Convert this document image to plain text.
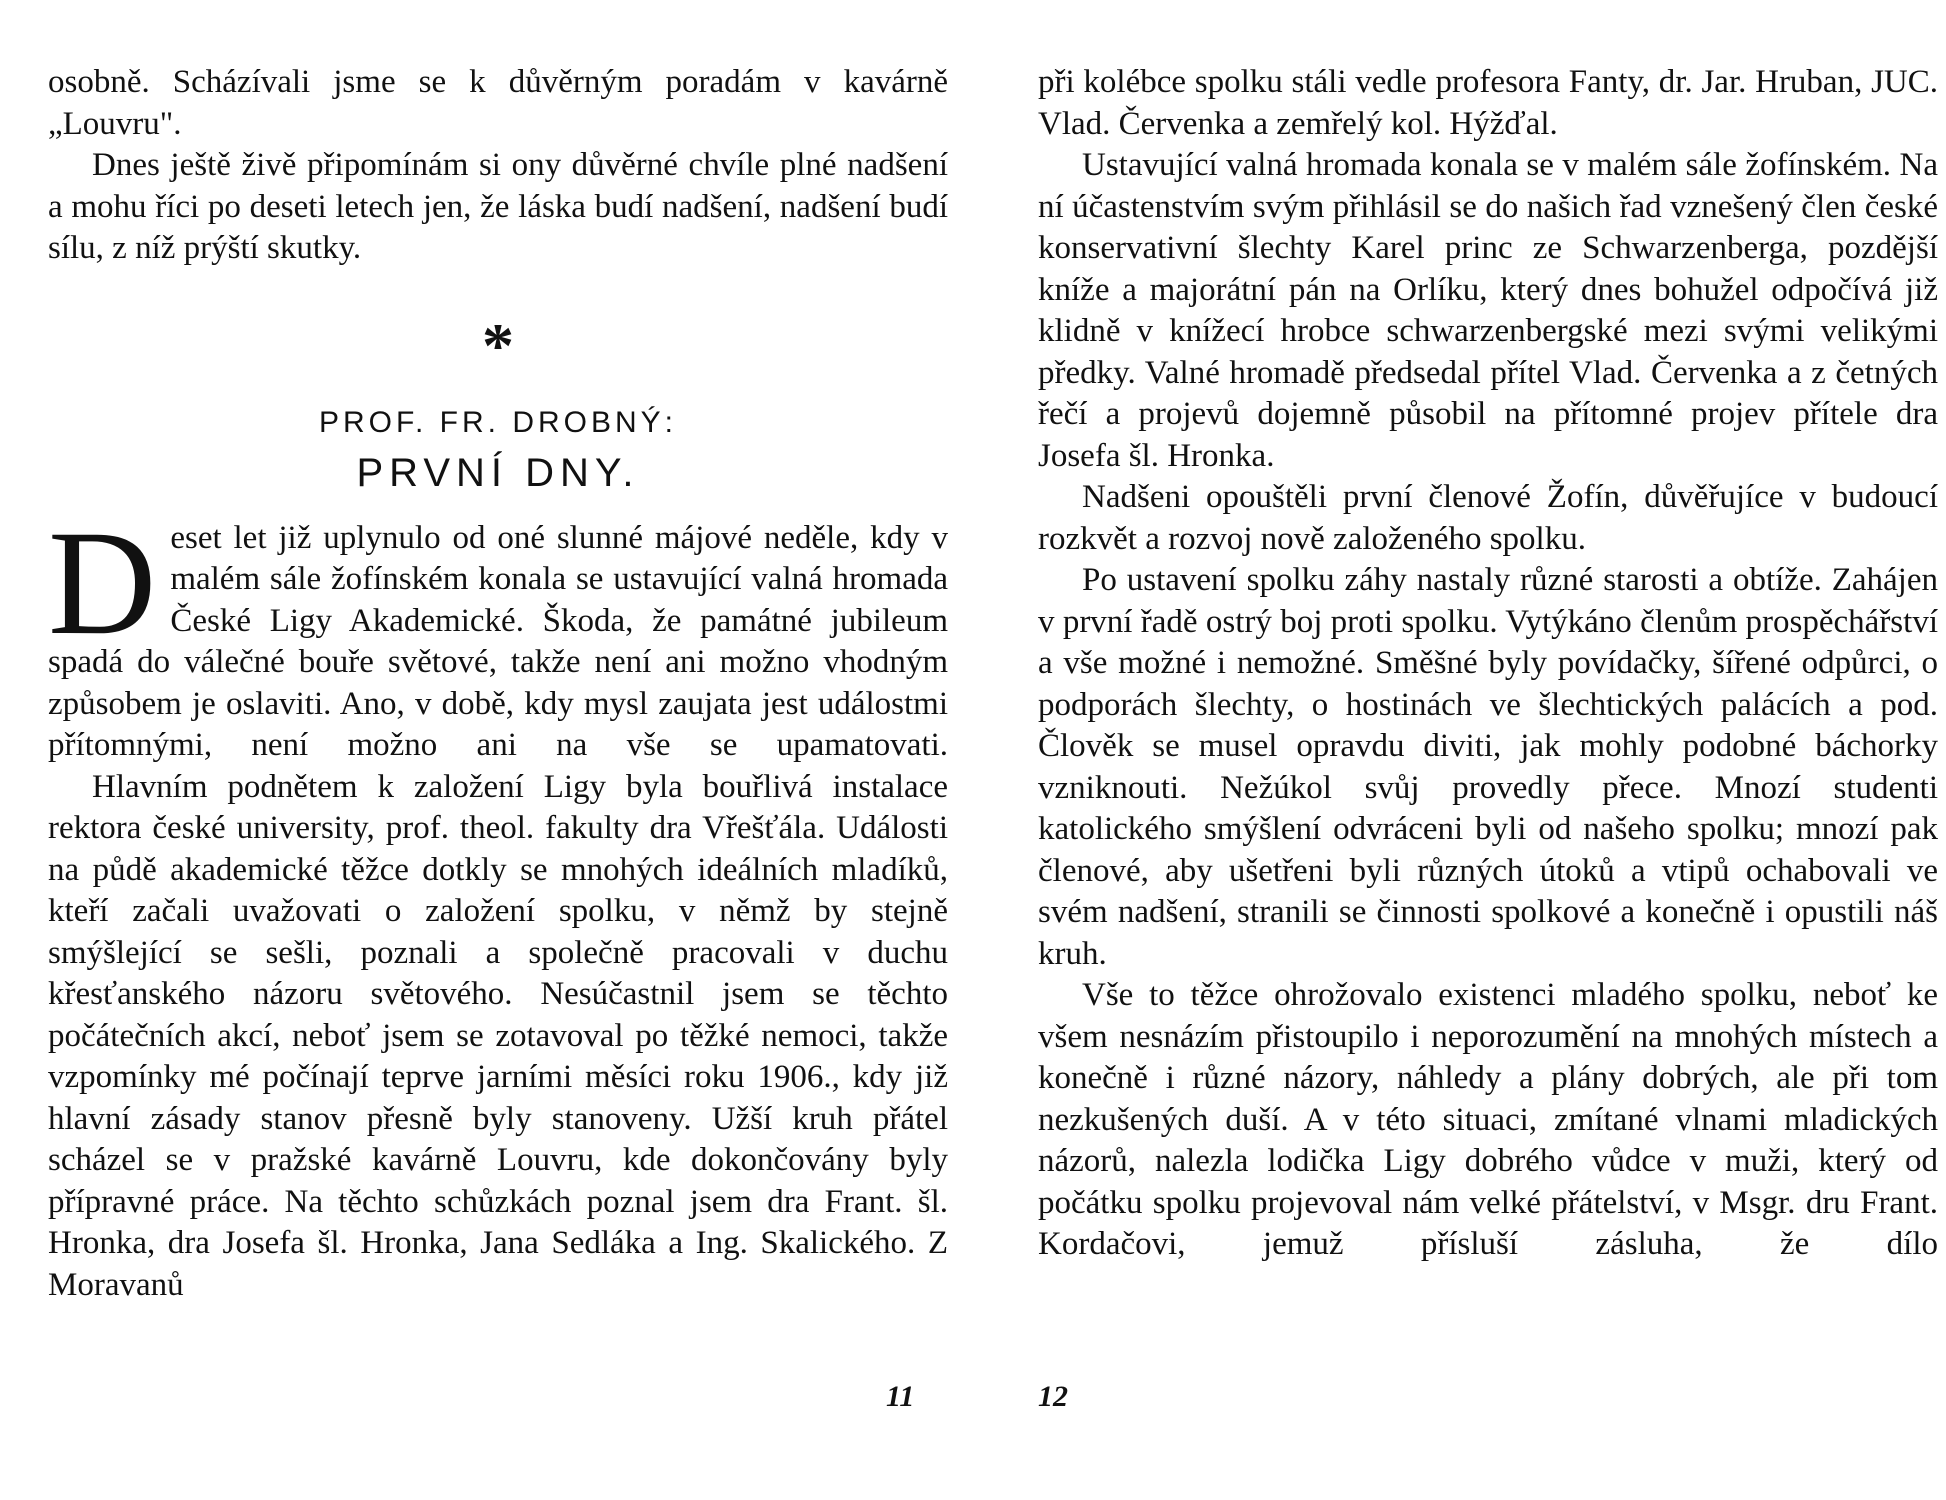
osobně. Scházívali jsme se k důvěrným poradám v kavárně „Louvru".

Dnes ještě živě připomínám si ony důvěrné chvíle plné nadšení a mohu říci po deseti letech jen, že láska budí nadšení, nadšení budí sílu, z níž prýští skutky.

*
PROF. FR. DROBNÝ:
PRVNÍ DNY.

Deset let již uplynulo od oné slunné májové neděle, kdy v malém sále žofínském konala se ustavující valná hromada České Ligy Akademické. Škoda, že památné jubileum spadá do válečné bouře světové, takže není ani možno vhodným způsobem je oslaviti. Ano, v době, kdy mysl zaujata jest událostmi přítomnými, není možno ani na vše se upamatovati.

Hlavním podnětem k založení Ligy byla bouřlivá instalace rektora české university, prof. theol. fakulty dra Vřešťála. Události na půdě akademické těžce dotkly se mnohých ideálních mladíků, kteří začali uvažovati o založení spolku, v němž by stejně smýšlející se sešli, poznali a společně pracovali v duchu křesťanského názoru světového. Nesúčastnil jsem se těchto počátečních akcí, neboť jsem se zotavoval po těžké nemoci, takže vzpomínky mé počínají teprve jarními měsíci roku 1906., kdy již hlavní zásady stanov přesně byly stanoveny. Užší kruh přátel scházel se v pražské kavárně Louvru, kde dokončovány byly přípravné práce. Na těchto schůzkách poznal jsem dra Frant. šl. Hronka, dra Josefa šl. Hronka, Jana Sedláka a Ing. Skalického. Z Moravanů

11

při kolébce spolku stáli vedle profesora Fanty, dr. Jar. Hruban, JUC. Vlad. Červenka a zemřelý kol. Hýžďal.

Ustavující valná hromada konala se v malém sále žofínském. Na ní účastenstvím svým přihlásil se do našich řad vznešený člen české konservativní šlechty Karel princ ze Schwarzenberga, pozdější kníže a majorátní pán na Orlíku, který dnes bohužel odpočívá již klidně v knížecí hrobce schwarzenbergské mezi svými velikými předky. Valné hromadě předsedal přítel Vlad. Červenka a z četných řečí a projevů dojemně působil na přítomné projev přítele dra Josefa šl. Hronka.

Nadšeni opouštěli první členové Žofín, důvěřujíce v budoucí rozkvět a rozvoj nově založeného spolku.

Po ustavení spolku záhy nastaly různé starosti a obtíže. Zahájen v první řadě ostrý boj proti spolku. Vytýkáno členům prospěchářství a vše možné i nemožné. Směšné byly povídačky, šířené odpůrci, o podporách šlechty, o hostinách ve šlechtických palácích a pod. Člověk se musel opravdu diviti, jak mohly podobné báchorky vzniknouti. Nežúkol svůj provedly přece. Mnozí studenti katolického smýšlení odvráceni byli od našeho spolku; mnozí pak členové, aby ušetřeni byli různých útoků a vtipů ochabovali ve svém nadšení, stranili se činnosti spolkové a konečně i opustili náš kruh.

Vše to těžce ohrožovalo existenci mladého spolku, neboť ke všem nesnázím přistoupilo i neporozumění na mnohých místech a konečně i různé názory, náhledy a plány dobrých, ale při tom nezkušených duší. A v této situaci, zmítané vlnami mladických názorů, nalezla lodička Ligy dobrého vůdce v muži, který od počátku spolku projevoval nám velké přátelství, v Msgr. dru Frant. Kordačovi, jemuž přísluší zásluha, že dílo

12
